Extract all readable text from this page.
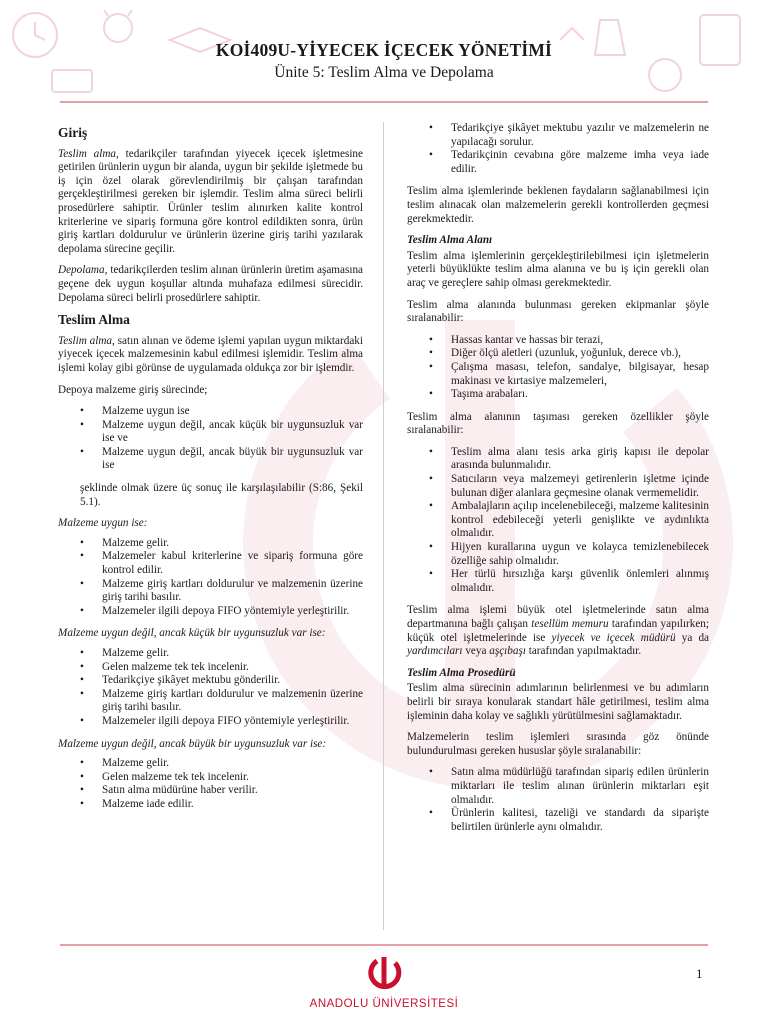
KOİ409U-YİYECEK İÇECEK YÖNETİMİ
Ünite 5: Teslim Alma ve Depolama
Giriş

Teslim alma, tedarikçiler tarafından yiyecek içecek işletmesine getirilen ürünlerin uygun bir alanda, uygun bir şekilde işletmede bu iş için özel olarak görevlendirilmiş bir çalışan tarafından gerçekleştirilmesi gereken bir işlemdir. Teslim alma süreci belirli prosedürlere sahiptir. Ürünler teslim alınırken kalite kontrol kriterlerine ve sipariş formuna göre kontrol edildikten sonra, ürün giriş kartları doldurulur ve ürünlerin üzerine giriş tarihi yazılarak depolama sürecine geçilir.

Depolama, tedarikçilerden teslim alınan ürünlerin üretim aşamasına geçene dek uygun koşullar altında muhafaza edilmesi sürecidir. Depolama süreci belirli prosedürlere sahiptir.

Teslim Alma

Teslim alma, satın alınan ve ödeme işlemi yapılan uygun miktardaki yiyecek içecek malzemesinin kabul edilmesi işlemidir. Teslim alma işlemi kolay gibi görünse de uygulamada oldukça zor bir işlemdir.

Depoya malzeme giriş sürecinde;

• Malzeme uygun ise
• Malzeme uygun değil, ancak küçük bir uygunsuzluk var ise ve
• Malzeme uygun değil, ancak büyük bir uygunsuzluk var ise

şeklinde olmak üzere üç sonuç ile karşılaşılabilir (S:86, Şekil 5.1).

Malzeme uygun ise:

• Malzeme gelir.
• Malzemeler kabul kriterlerine ve sipariş formuna göre kontrol edilir.
• Malzeme giriş kartları doldurulur ve malzemenin üzerine giriş tarihi basılır.
• Malzemeler ilgili depoya FIFO yöntemiyle yerleştirilir.

Malzeme uygun değil, ancak küçük bir uygunsuzluk var ise:

• Malzeme gelir.
• Gelen malzeme tek tek incelenir.
• Tedarikçiye şikâyet mektubu gönderilir.
• Malzeme giriş kartları doldurulur ve malzemenin üzerine giriş tarihi basılır.
• Malzemeler ilgili depoya FIFO yöntemiyle yerleştirilir.

Malzeme uygun değil, ancak büyük bir uygunsuzluk var ise:

• Malzeme gelir.
• Gelen malzeme tek tek incelenir.
• Satın alma müdürüne haber verilir.
• Malzeme iade edilir.
• Tedarikçiye şikâyet mektubu yazılır ve malzemelerin ne yapılacağı sorulur.
• Tedarikçinin cevabına göre malzeme imha veya iade edilir.

Teslim alma işlemlerinde beklenen faydaların sağlanabilmesi için teslim alınacak olan malzemelerin gerekli kontrollerden geçmesi gerekmektedir.

Teslim Alma Alanı

Teslim alma işlemlerinin gerçekleştirilebilmesi için işletmelerin yeterli büyüklükte teslim alma alanına ve bu iş için gerekli olan araç ve gereçlere sahip olması gerekmektedir.

Teslim alma alanında bulunması gereken ekipmanlar şöyle sıralanabilir:

• Hassas kantar ve hassas bir terazi,
• Diğer ölçü aletleri (uzunluk, yoğunluk, derece vb.),
• Çalışma masası, telefon, sandalye, bilgisayar, hesap makinası ve kırtasiye malzemeleri,
• Taşıma arabaları.

Teslim alma alanının taşıması gereken özellikler şöyle sıralanabilir:

• Teslim alma alanı tesis arka giriş kapısı ile depolar arasında bulunmalıdır.
• Satıcıların veya malzemeyi getirenlerin işletme içinde bulunan diğer alanlara geçmesine olanak vermemelidir.
• Ambalajların açılıp incelenebileceği, malzeme kalitesinin kontrol edebileceği yeterli genişlikte ve aydınlıkta olmalıdır.
• Hijyen kurallarına uygun ve kolayca temizlenebilecek özelliğe sahip olmalıdır.
• Her türlü hırsızlığa karşı güvenlik önlemleri alınmış olmalıdır.

Teslim alma işlemi büyük otel işletmelerinde satın alma departmanına bağlı çalışan tesellüm memuru tarafından yapılırken; küçük otel işletmelerinde ise yiyecek ve içecek müdürü ya da yardımcıları veya aşçıbaşı tarafından yapılmaktadır.

Teslim Alma Prosedürü

Teslim alma sürecinin adımlarının belirlenmesi ve bu adımların belirli bir sıraya konularak standart hâle getirilmesi, teslim alma işleminin daha kolay ve sağlıklı yürütülmesini sağlamaktadır.

Malzemelerin teslim işlemleri sırasında göz önünde bulundurulması gereken hususlar şöyle sıralanabilir:

• Satın alma müdürlüğü tarafından sipariş edilen ürünlerin miktarları ile teslim alınan ürünlerin miktarları eşit olmalıdır.
• Ürünlerin kalitesi, tazeliği ve standardı da siparişte belirtilen ürünlerle aynı olmalıdır.
ANADOLU ÜNİVERSİTESİ
1
